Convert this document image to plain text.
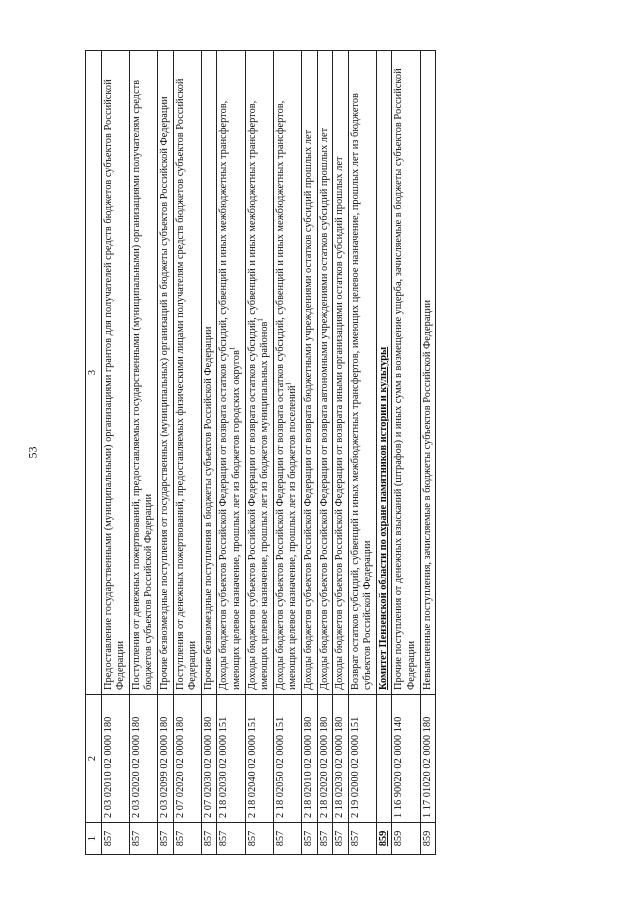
53
1	2	3
857	2 03 02010 02 0000 180	Предоставление государственными (муниципальными) организациями грантов для получателей средств бюджетов субъектов Российской Федерации
857	2 03 02020 02 0000 180	Поступления от денежных пожертвований, предоставляемых государственными (муниципальными) организациями получателям средств бюджетов субъектов Российской Федерации
857	2 03 02099 02 0000 180	Прочие безвозмездные поступления от государственных (муниципальных) организаций в бюджеты субъектов Российской Федерации
857	2 07 02020 02 0000 180	Поступления от денежных пожертвований, предоставляемых физическими лицами получателям средств бюджетов субъектов Российской Федерации
857	2 07 02030 02 0000 180	Прочие безвозмездные поступления в бюджеты субъектов Российской Федерации
857	2 18 02030 02 0000 151	Доходы бюджетов субъектов Российской Федерации от возврата остатков субсидий, субвенций и иных межбюджетных трансфертов, имеющих целевое назначение, прошлых лет из бюджетов городских округов$^1$
857	2 18 02040 02 0000 151	Доходы бюджетов субъектов Российской Федерации от возврата остатков субсидий, субвенций и иных межбюджетных трансфертов, имеющих целевое назначение, прошлых лет из бюджетов муниципальных районов$^1$
857	2 18 02050 02 0000 151	Доходы бюджетов субъектов Российской Федерации от возврата остатков субсидий, субвенций и иных межбюджетных трансфертов, имеющих целевое назначение, прошлых лет из бюджетов поселений$^1$
857	2 18 02010 02 0000 180	Доходы бюджетов субъектов Российской Федерации от возврата бюджетными учреждениями остатков субсидий прошлых лет
857	2 18 02020 02 0000 180	Доходы бюджетов субъектов Российской Федерации от возврата автономными учреждениями остатков субсидий прошлых лет
857	2 18 02030 02 0000 180	Доходы бюджетов субъектов Российской Федерации от возврата иными организациями остатков субсидий прошлых лет
857	2 19 02000 02 0000 151	Возврат остатков субсидий, субвенций и иных межбюджетных трансфертов, имеющих целевое назначение, прошлых лет из бюджетов субъектов Российской Федерации
859		Комитет Пензенской области по охране памятников истории и культуры
859	1 16 90020 02 0000 140	Прочие поступления от денежных взысканий (штрафов) и иных сумм в возмещение ущерба, зачисляемые в бюджеты субъектов Российской Федерации
859	1 17 01020 02 0000 180	Невыясненные поступления, зачисляемые в бюджеты субъектов Российской Федерации
